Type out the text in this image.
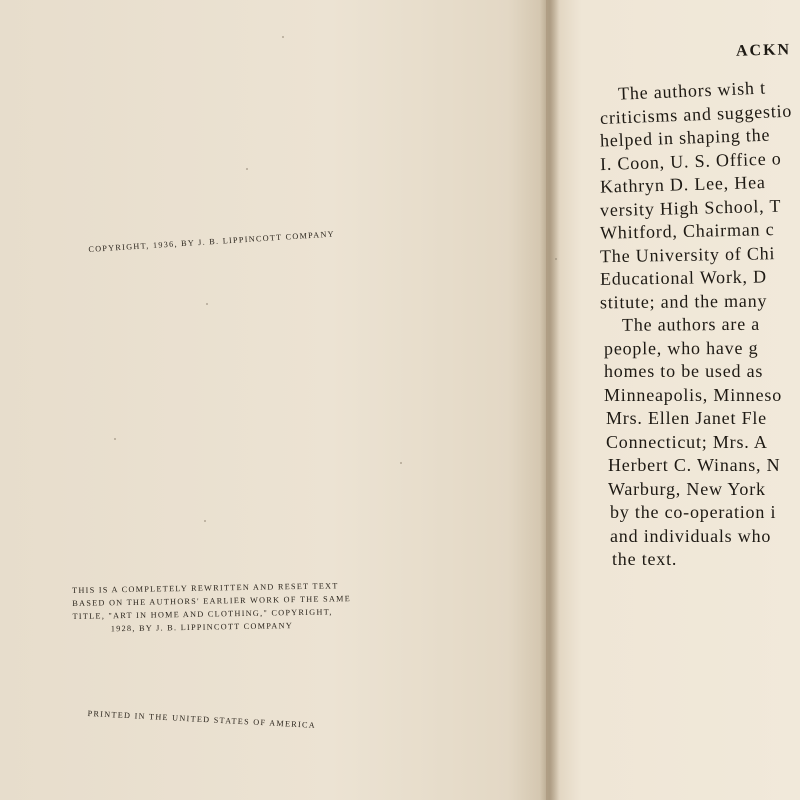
COPYRIGHT, 1936, BY J. B. LIPPINCOTT COMPANY
THIS IS A COMPLETELY REWRITTEN AND RESET TEXT
BASED ON THE AUTHORS' EARLIER WORK OF THE SAME
TITLE, "ART IN HOME AND CLOTHING," COPYRIGHT,
1928, BY J. B. LIPPINCOTT COMPANY
PRINTED IN THE UNITED STATES OF AMERICA
ACKN
The authors wish t
criticisms and suggestio
helped in shaping the
I. Coon, U. S. Office o
Kathryn D. Lee, Hea
versity High School, T
Whitford, Chairman c
The University of Chi
Educational Work, D
stitute; and the many
The authors are a
people, who have g
homes to be used as
Minneapolis, Minneso
Mrs. Ellen Janet Fle
Connecticut; Mrs. A
Herbert C. Winans, N
Warburg, New York
by the co-operation i
and individuals who
the text.
